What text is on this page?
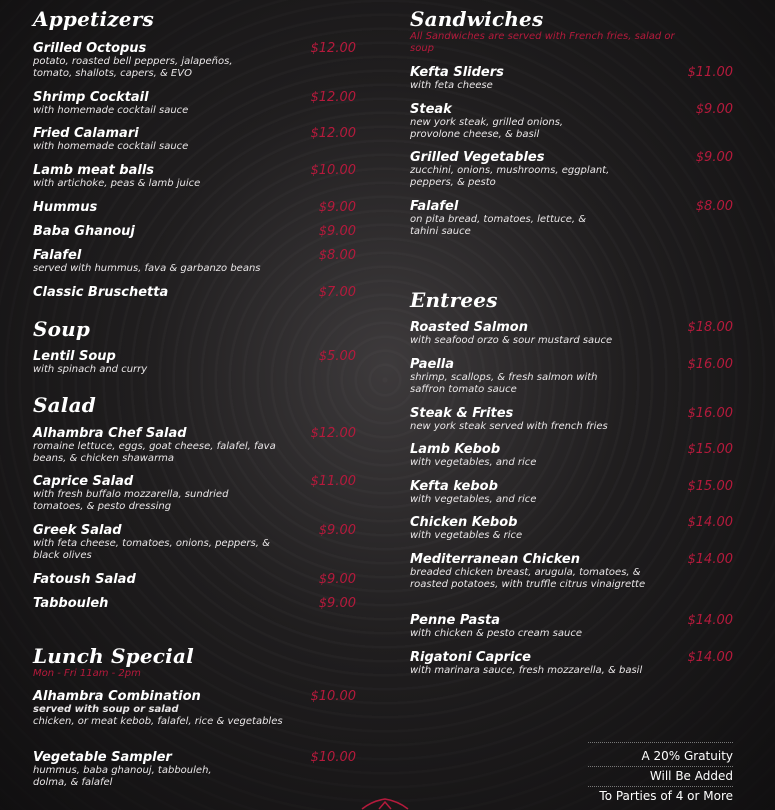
Appetizers
Grilled Octopus
potato, roasted bell peppers, jalapeños, tomato, shallots, capers, & EVO
$12.00
Shrimp Cocktail
with homemade cocktail sauce
$12.00
Fried Calamari
with homemade cocktail sauce
$12.00
Lamb meat balls
with artichoke, peas & lamb juice
$10.00
Hummus	$9.00
Baba Ghanouj	$9.00
Falafel
served with hummus, fava & garbanzo beans
$8.00
Classic Bruschetta	$7.00
Soup
Lentil Soup
with spinach and curry
$5.00
Salad
Alhambra Chef Salad
romaine lettuce, eggs, goat cheese, falafel, fava beans, & chicken shawarma
$12.00
Caprice Salad
with fresh buffalo mozzarella, sundried tomatoes, & pesto dressing
$11.00
Greek Salad
with feta cheese, tomatoes, onions, peppers, & black olives
$9.00
Fatoush Salad	$9.00
Tabbouleh	$9.00
Lunch Special
Mon - Fri 11am - 2pm
Alhambra Combination
served with soup or salad
chicken, or meat kebob, falafel, rice & vegetables
$10.00
Vegetable Sampler
hummus, baba ghanouj, tabbouleh, dolma, & falafel
$10.00
Sandwiches
All Sandwiches are served with French fries, salad or soup
Kefta Sliders
with feta cheese
$11.00
Steak
new york steak, grilled onions, provolone cheese, & basil
$9.00
Grilled Vegetables
zucchini, onions, mushrooms, eggplant, peppers, & pesto
$9.00
Falafel
on pita bread, tomatoes, lettuce, & tahini sauce
$8.00
Entrees
Roasted Salmon
with seafood orzo & sour mustard sauce
$18.00
Paella
shrimp, scallops, & fresh salmon with saffron tomato sauce
$16.00
Steak & Frites
new york steak served with french fries
$16.00
Lamb Kebob
with vegetables, and rice
$15.00
Kefta kebob
with vegetables, and rice
$15.00
Chicken Kebob
with vegetables & rice
$14.00
Mediterranean Chicken
breaded chicken breast, arugula, tomatoes, & roasted potatoes, with truffle citrus vinaigrette
$14.00
Penne Pasta
with chicken & pesto cream sauce
$14.00
Rigatoni Caprice
with marinara sauce, fresh mozzarella, & basil
$14.00
A 20% Gratuity
Will Be Added
To Parties of 4 or More
